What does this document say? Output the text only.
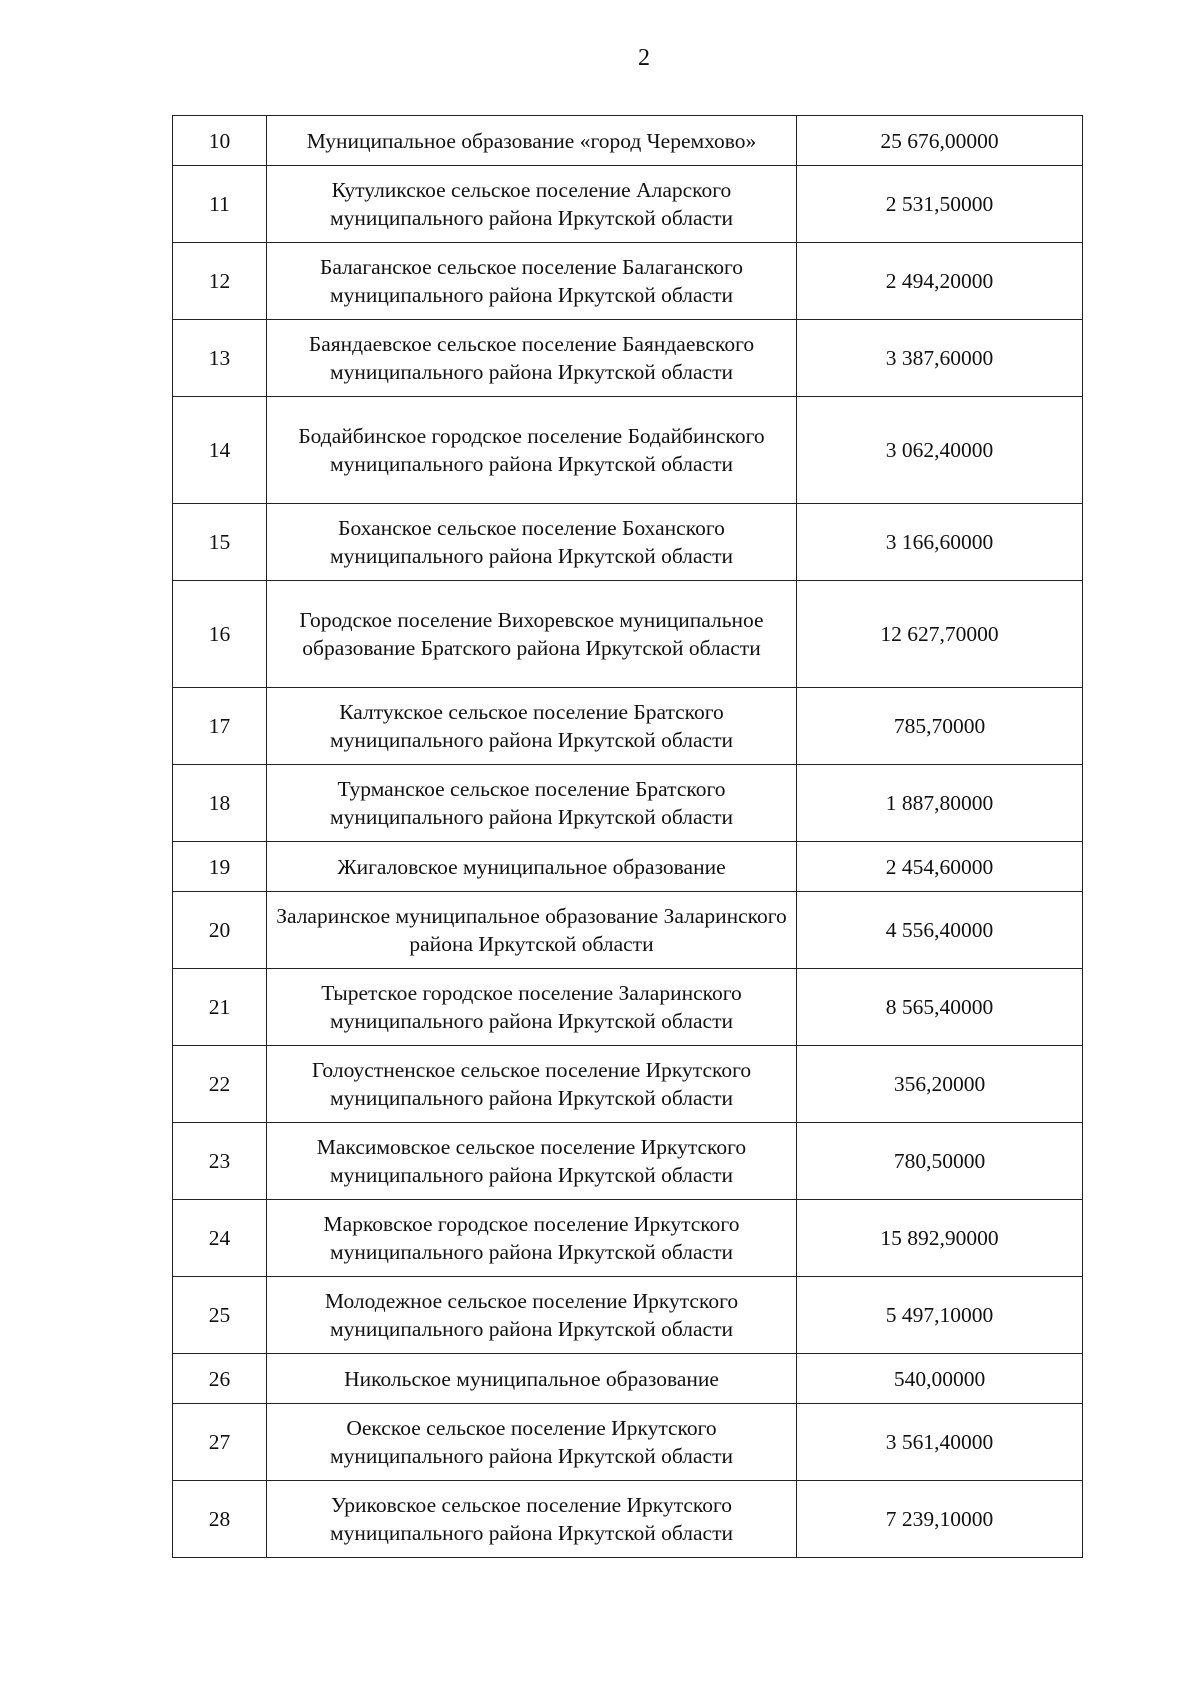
2
10	Муниципальное образование «город Черемхово»	25 676,00000
11	Кутуликское сельское поселение Аларского муниципального района Иркутской области	2 531,50000
12	Балаганское сельское поселение Балаганского муниципального района Иркутской области	2 494,20000
13	Баяндаевское сельское поселение Баяндаевского муниципального района Иркутской области	3 387,60000
14	Бодайбинское городское поселение Бодайбинского муниципального района Иркутской области	3 062,40000
15	Боханское сельское поселение Боханского муниципального района Иркутской области	3 166,60000
16	Городское поселение Вихоревское муниципальное образование Братского района Иркутской области	12 627,70000
17	Калтукское сельское поселение Братского муниципального района Иркутской области	785,70000
18	Турманское сельское поселение Братского муниципального района Иркутской области	1 887,80000
19	Жигаловское муниципальное образование	2 454,60000
20	Заларинское муниципальное образование Заларинского района Иркутской области	4 556,40000
21	Тыретское городское поселение Заларинского муниципального района Иркутской области	8 565,40000
22	Голоустненское сельское поселение Иркутского муниципального района Иркутской области	356,20000
23	Максимовское сельское поселение Иркутского муниципального района Иркутской области	780,50000
24	Марковское городское поселение Иркутского муниципального района Иркутской области	15 892,90000
25	Молодежное сельское поселение Иркутского муниципального района Иркутской области	5 497,10000
26	Никольское муниципальное образование	540,00000
27	Оекское сельское поселение Иркутского муниципального района Иркутской области	3 561,40000
28	Уриковское сельское поселение Иркутского муниципального района Иркутской области	7 239,10000
